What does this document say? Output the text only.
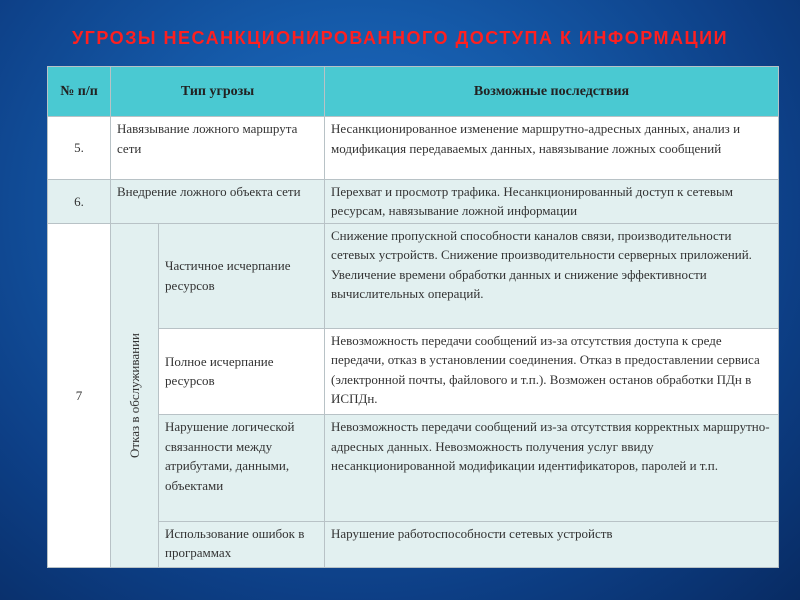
УГРОЗЫ НЕСАНКЦИОНИРОВАННОГО ДОСТУПА К ИНФОРМАЦИИ
№ п/п	Тип угрозы		Возможные последствия
5.	Навязывание ложного маршрута сети		Несанкционированное изменение маршрутно-адресных данных, анализ и модификация передаваемых данных, навязывание ложных сообщений
6.	Внедрение ложного объекта сети		Перехват и просмотр трафика. Несанкционированный доступ к сетевым ресурсам, навязывание ложной информации
7	Отказ в обслуживании	Частичное исчерпание ресурсов	Снижение пропускной способности каналов связи, производительности сетевых устройств. Снижение производительности серверных приложений. Увеличение времени обработки данных и снижение эффективности вычислительных операций.
		Полное исчерпание ресурсов	Невозможность передачи сообщений из-за отсутствия доступа к среде передачи, отказ в установлении соединения. Отказ в предоставлении сервиса (электронной почты, файлового и т.п.). Возможен останов обработки ПДн в ИСПДн.
		Нарушение логической связанности между атрибутами, данными, объектами	Невозможность передачи сообщений из-за отсутствия корректных маршрутно-адресных данных. Невозможность получения услуг ввиду несанкционированной модификации идентификаторов, паролей и т.п.
		Использование ошибок в программах	Нарушение работоспособности сетевых устройств
